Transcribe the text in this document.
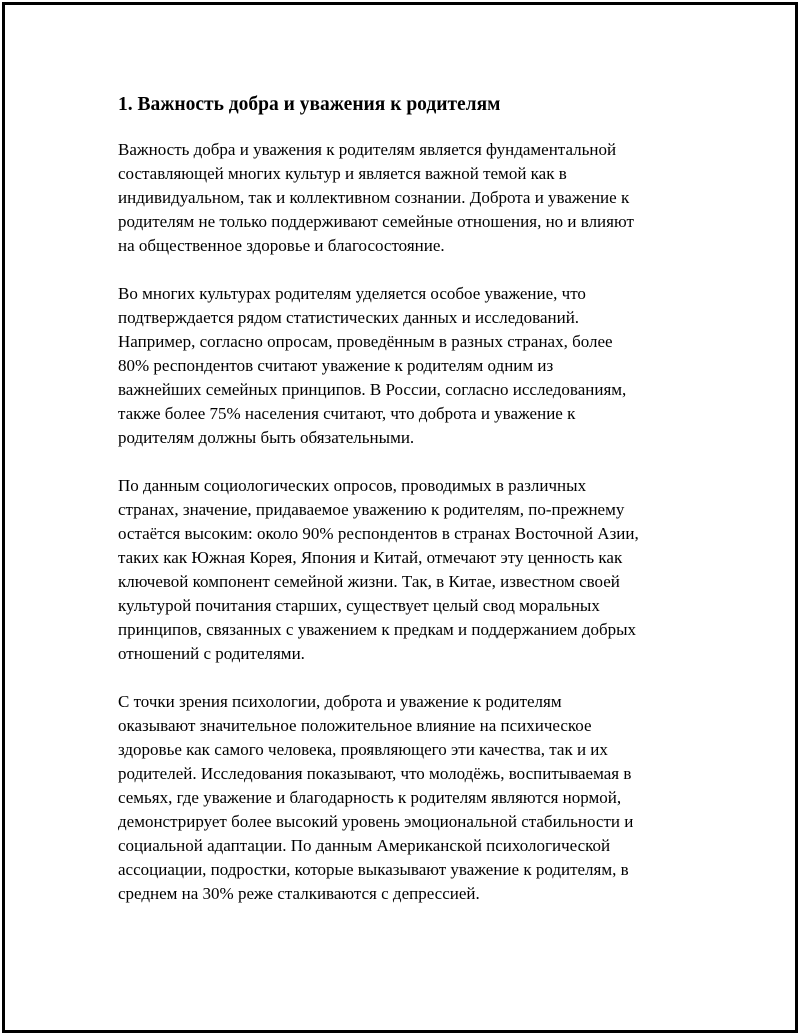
1. Важность добра и уважения к родителям

Важность добра и уважения к родителям является фундаментальной
составляющей многих культур и является важной темой как в
индивидуальном, так и коллективном сознании. Доброта и уважение к
родителям не только поддерживают семейные отношения, но и влияют
на общественное здоровье и благосостояние.

Во многих культурах родителям уделяется особое уважение, что
подтверждается рядом статистических данных и исследований.
Например, согласно опросам, проведённым в разных странах, более
80% респондентов считают уважение к родителям одним из
важнейших семейных принципов. В России, согласно исследованиям,
также более 75% населения считают, что доброта и уважение к
родителям должны быть обязательными.

По данным социологических опросов, проводимых в различных
странах, значение, придаваемое уважению к родителям, по-прежнему
остаётся высоким: около 90% респондентов в странах Восточной Азии,
таких как Южная Корея, Япония и Китай, отмечают эту ценность как
ключевой компонент семейной жизни. Так, в Китае, известном своей
культурой почитания старших, существует целый свод моральных
принципов, связанных с уважением к предкам и поддержанием добрых
отношений с родителями.

С точки зрения психологии, доброта и уважение к родителям
оказывают значительное положительное влияние на психическое
здоровье как самого человека, проявляющего эти качества, так и их
родителей. Исследования показывают, что молодёжь, воспитываемая в
семьях, где уважение и благодарность к родителям являются нормой,
демонстрирует более высокий уровень эмоциональной стабильности и
социальной адаптации. По данным Американской психологической
ассоциации, подростки, которые выказывают уважение к родителям, в
среднем на 30% реже сталкиваются с депрессией.
